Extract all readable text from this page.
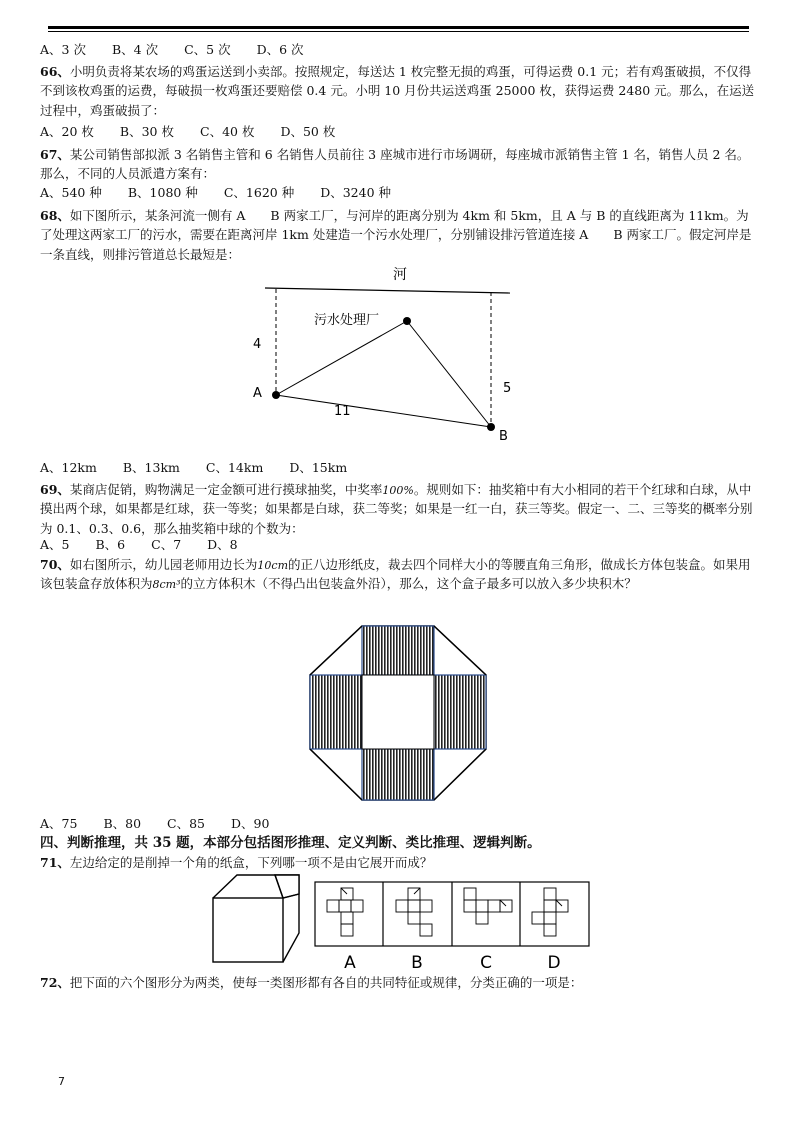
A、3 次 B、4 次 C、5 次 D、6 次
66、小明负责将某农场的鸡蛋运送到小卖部。按照规定，每送达 1 枚完整无损的鸡蛋，可得运费 0.1 元；若有鸡蛋破损，不仅得不到该枚鸡蛋的运费，每破损一枚鸡蛋还要赔偿 0.4 元。小明 10 月份共运送鸡蛋 25000 枚，获得运费 2480 元。那么，在运送过程中，鸡蛋破损了：
A、20 枚 B、30 枚 C、40 枚 D、50 枚
67、某公司销售部拟派 3 名销售主管和 6 名销售人员前往 3 座城市进行市场调研，每座城市派销售主管 1 名，销售人员 2 名。那么，不同的人员派遣方案有：
A、540 种 B、1080 种 C、1620 种 D、3240 种
68、如下图所示，某条河流一侧有 A　　B 两家工厂，与河岸的距离分别为 4km 和 5km，且 A 与 B 的直线距离为 11km。为了处理这两家工厂的污水，需要在距离河岸 1km 处建造一个污水处理厂，分别铺设排污管道连接 A　　B 两家工厂。假定河岸是一条直线，则排污管道总长最短是：
河
污水处理厂
A
B
4
5
11
A、12km B、13km C、14km D、15km
69、某商店促销，购物满足一定金额可进行摸球抽奖，中奖率100%。规则如下：抽奖箱中有大小相同的若干个红球和白球，从中摸出两个球，如果都是红球，获一等奖；如果都是白球，获二等奖；如果是一红一白，获三等奖。假定一、二、三等奖的概率分别为 0.1、0.3、0.6，那么抽奖箱中球的个数为：
A、5 B、6 C、7 D、8
70、如右图所示，幼儿园老师用边长为10cm的正八边形纸皮，裁去四个同样大小的等腰直角三角形，做成长方体包装盒。如果用该包装盒存放体积为8cm³的立方体积木（不得凸出包装盒外沿），那么，这个盒子最多可以放入多少块积木？
A、75 B、80 C、85 D、90
四、判断推理，共 35 题，本部分包括图形推理、定义判断、类比推理、逻辑判断。
71、左边给定的是削掉一个角的纸盒，下列哪一项不是由它展开而成？
A	B	C	D
72、把下面的六个图形分为两类，使每一类图形都有各自的共同特征或规律，分类正确的一项是：
7
